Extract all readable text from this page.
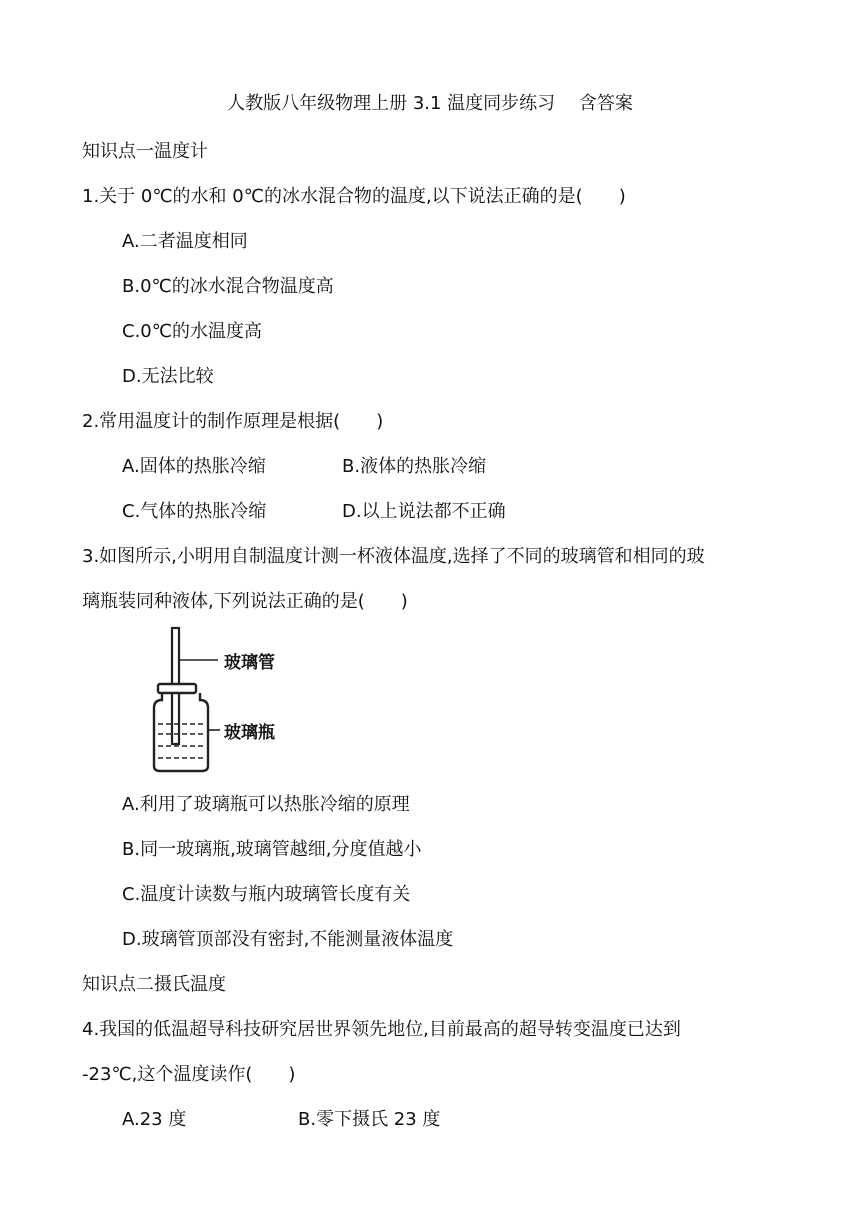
人教版八年级物理上册 3.1 温度同步练习　 含答案
知识点一温度计
1.关于 0℃的水和 0℃的冰水混合物的温度,以下说法正确的是(　　)
A.二者温度相同
B.0℃的冰水混合物温度高
C.0℃的水温度高
D.无法比较
2.常用温度计的制作原理是根据(　　)
A.固体的热胀冷缩	B.液体的热胀冷缩
C.气体的热胀冷缩	D.以上说法都不正确
3.如图所示,小明用自制温度计测一杯液体温度,选择了不同的玻璃管和相同的玻
璃瓶装同种液体,下列说法正确的是(　　)
玻璃管
玻璃瓶
A.利用了玻璃瓶可以热胀冷缩的原理
B.同一玻璃瓶,玻璃管越细,分度值越小
C.温度计读数与瓶内玻璃管长度有关
D.玻璃管顶部没有密封,不能测量液体温度
知识点二摄氏温度
4.我国的低温超导科技研究居世界领先地位,目前最高的超导转变温度已达到
-23℃,这个温度读作(　　)
A.23 度	B.零下摄氏 23 度
